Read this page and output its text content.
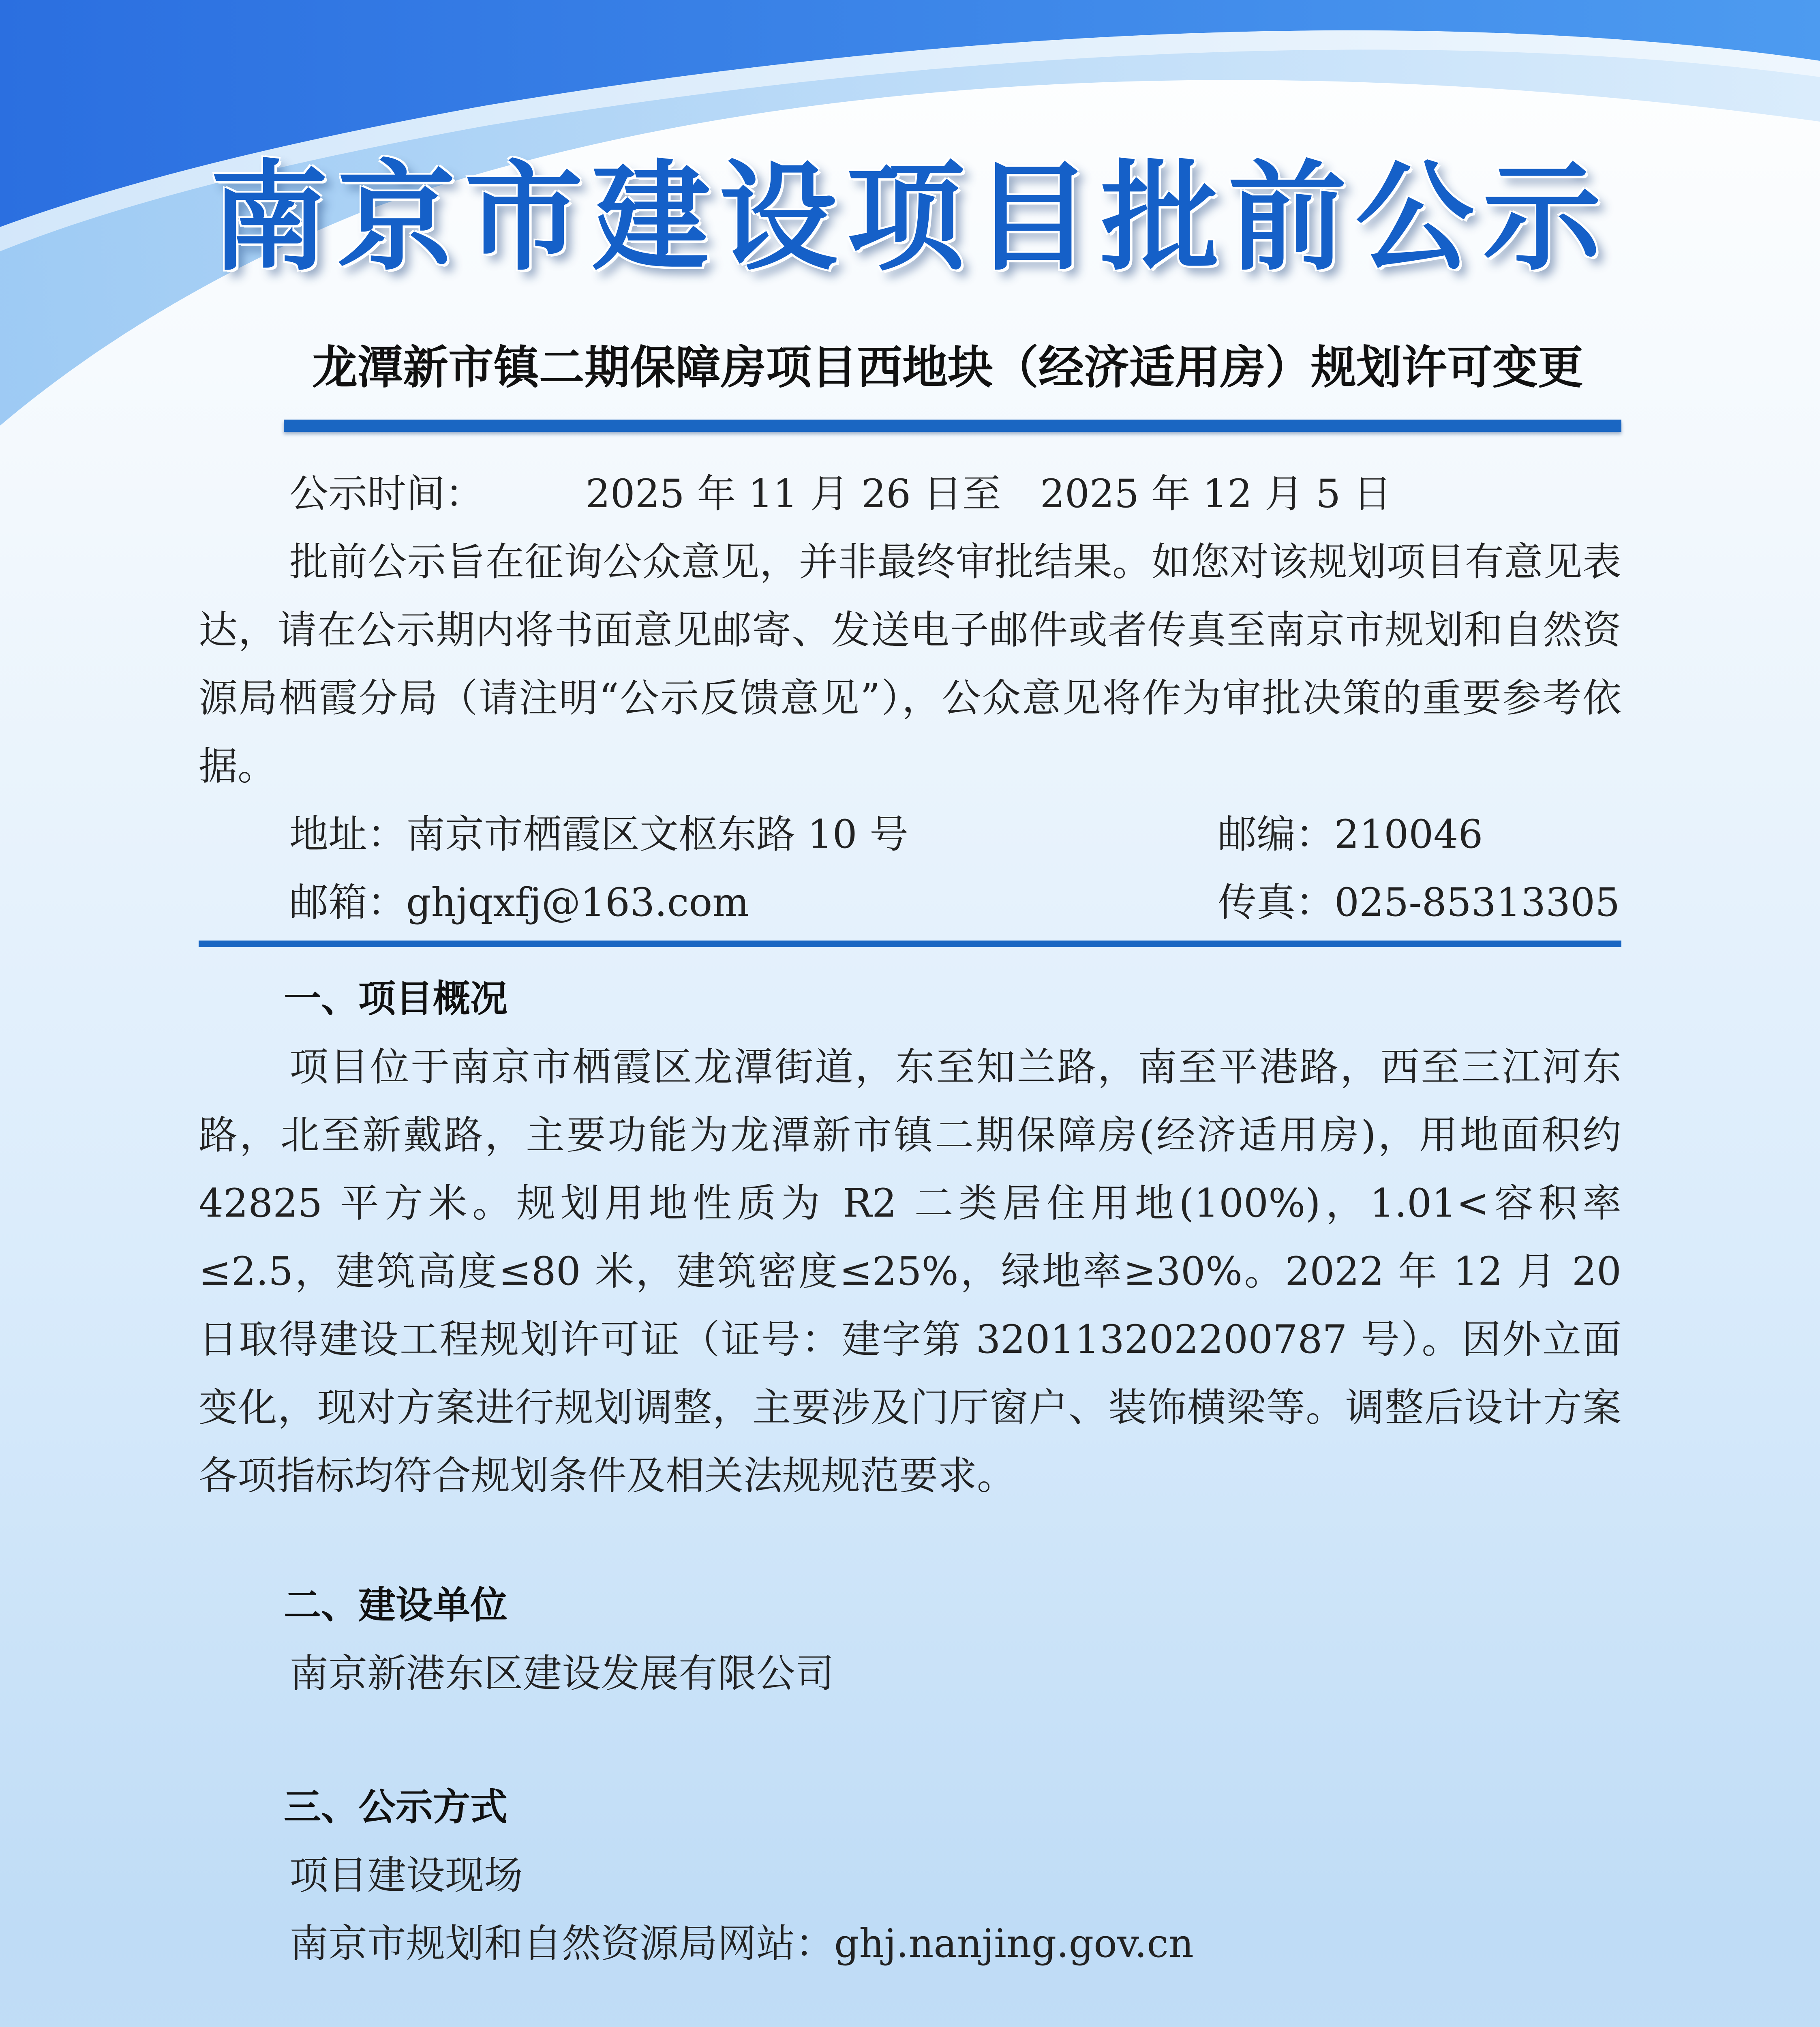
南京市建设项目批前公示
龙潭新市镇二期保障房项目西地块（经济适用房）规划许可变更
公示时间：	2025 年 11 月 26 日至　2025 年 12 月 5 日
批前公示旨在征询公众意见，并非最终审批结果。如您对该规划项目有意见表达，请在公示期内将书面意见邮寄、发送电子邮件或者传真至南京市规划和自然资源局栖霞分局（请注明“公示反馈意见”），公众意见将作为审批决策的重要参考依据。
地址：南京市栖霞区文枢东路 10 号	邮编：210046
邮箱：ghjqxfj@163.com	传真：025-85313305
一、项目概况
项目位于南京市栖霞区龙潭街道，东至知兰路，南至平港路，西至三江河东路，北至新戴路，主要功能为龙潭新市镇二期保障房(经济适用房)，用地面积约 42825 平方米。规划用地性质为 R2 二类居住用地(100%)，1.01<容积率≤2.5，建筑高度≤80 米，建筑密度≤25%，绿地率≥30%。2022 年 12 月 20 日取得建设工程规划许可证（证号：建字第 320113202200787 号）。因外立面变化，现对方案进行规划调整，主要涉及门厅窗户、装饰横梁等。调整后设计方案各项指标均符合规划条件及相关法规规范要求。
二、建设单位
南京新港东区建设发展有限公司
三、公示方式
项目建设现场
南京市规划和自然资源局网站：ghj.nanjing.gov.cn
